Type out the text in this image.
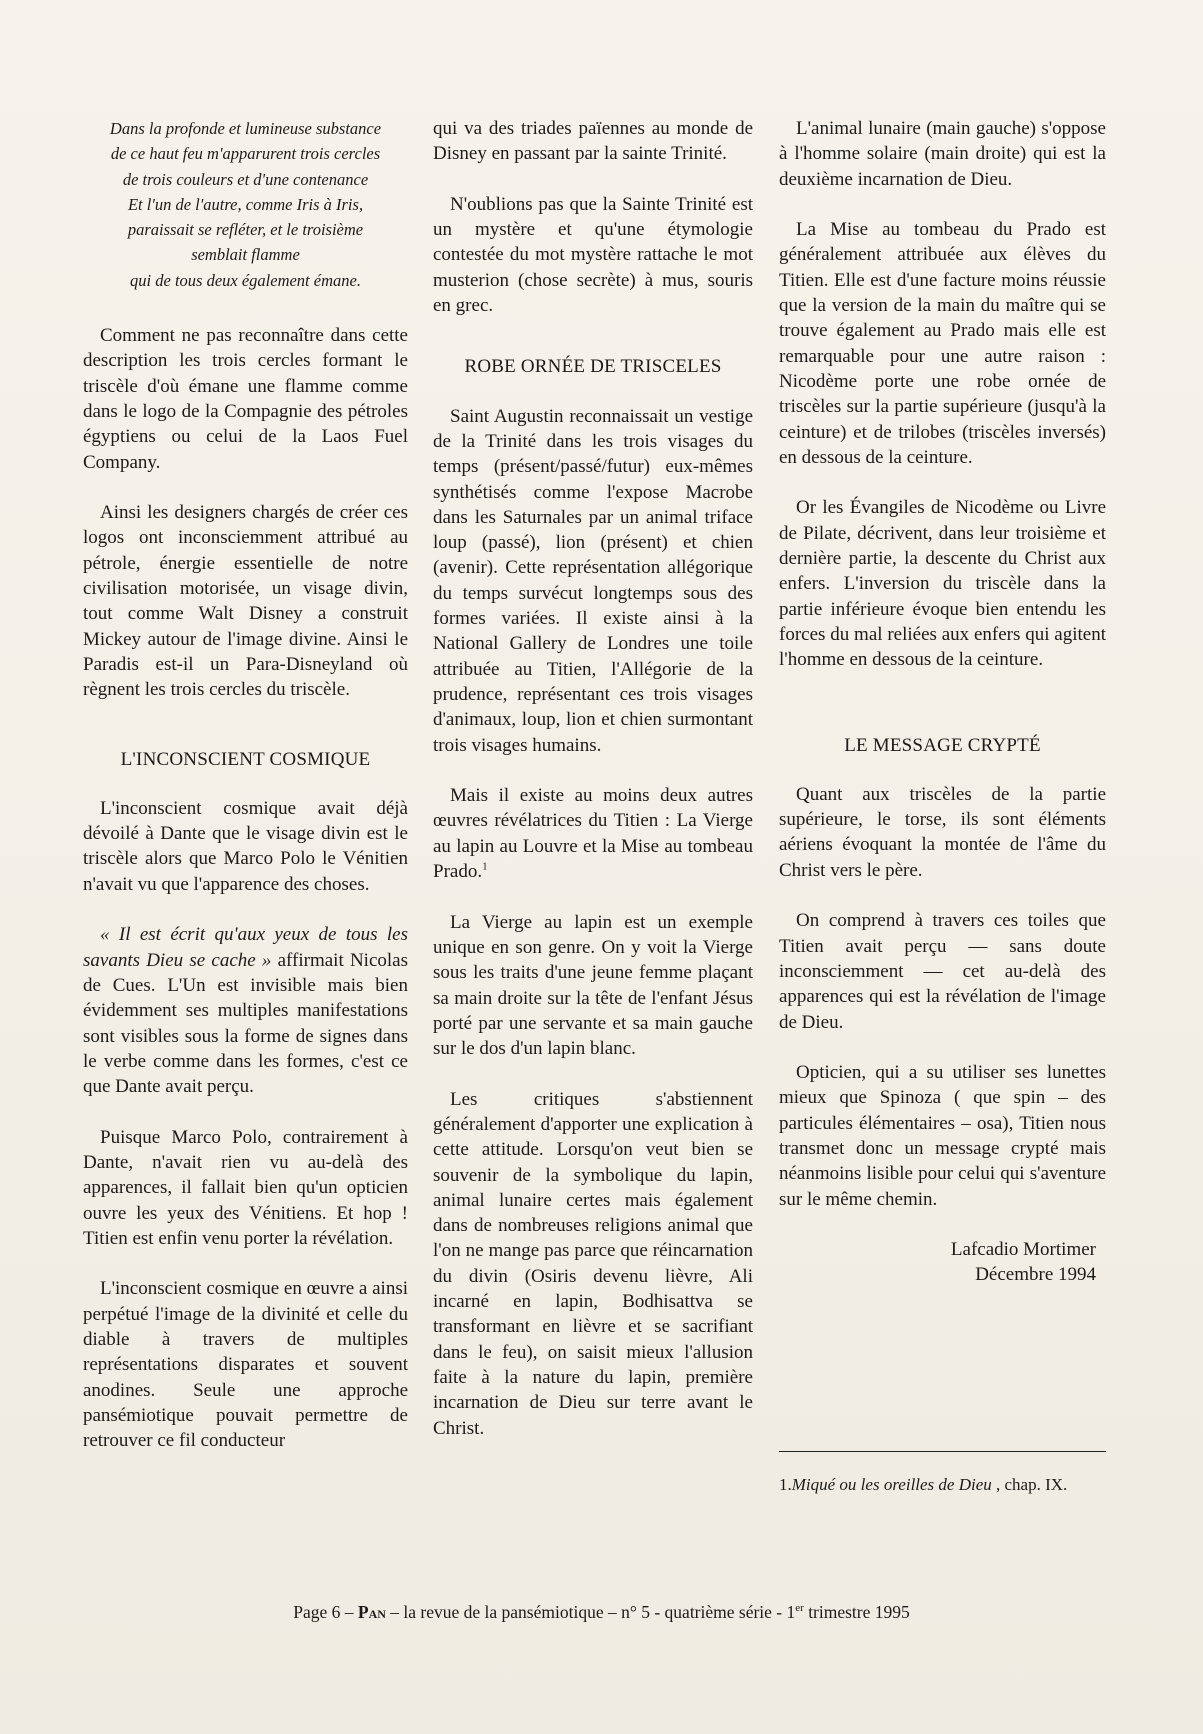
Dans la profonde et lumineuse substance
de ce haut feu m'apparurent trois cercles
de trois couleurs et d'une contenance
Et l'un de l'autre, comme Iris à Iris,
paraissait se refléter, et le troisième
semblait flamme
qui de tous deux également émane.

Comment ne pas reconnaître dans cette description les trois cercles formant le triscèle d'où émane une flamme comme dans le logo de la Compagnie des pétroles égyptiens ou celui de la Laos Fuel Company.

Ainsi les designers chargés de créer ces logos ont inconsciemment attribué au pétrole, énergie essentielle de notre civilisation motorisée, un visage divin, tout comme Walt Disney a construit Mickey autour de l'image divine. Ainsi le Paradis est-il un Para-Disneyland où règnent les trois cercles du triscèle.

L'INCONSCIENT COSMIQUE

L'inconscient cosmique avait déjà dévoilé à Dante que le visage divin est le triscèle alors que Marco Polo le Vénitien n'avait vu que l'apparence des choses.

« Il est écrit qu'aux yeux de tous les savants Dieu se cache » affirmait Nicolas de Cues. L'Un est invisible mais bien évidemment ses multiples manifestations sont visibles sous la forme de signes dans le verbe comme dans les formes, c'est ce que Dante avait perçu.

Puisque Marco Polo, contrairement à Dante, n'avait rien vu au-delà des apparences, il fallait bien qu'un opticien ouvre les yeux des Vénitiens. Et hop ! Titien est enfin venu porter la révélation.

L'inconscient cosmique en œuvre a ainsi perpétué l'image de la divinité et celle du diable à travers de multiples représentations disparates et souvent anodines. Seule une approche pansémiotique pouvait permettre de retrouver ce fil conducteur

qui va des triades païennes au monde de Disney en passant par la sainte Trinité.

N'oublions pas que la Sainte Trinité est un mystère et qu'une étymologie contestée du mot mystère rattache le mot musterion (chose secrète) à mus, souris en grec.

ROBE ORNÉE DE TRISCELES

Saint Augustin reconnaissait un vestige de la Trinité dans les trois visages du temps (présent/passé/futur) eux-mêmes synthétisés comme l'expose Macrobe dans les Saturnales par un animal triface loup (passé), lion (présent) et chien (avenir). Cette représentation allégorique du temps survécut longtemps sous des formes variées. Il existe ainsi à la National Gallery de Londres une toile attribuée au Titien, l'Allégorie de la prudence, représentant ces trois visages d'animaux, loup, lion et chien surmontant trois visages humains.

Mais il existe au moins deux autres œuvres révélatrices du Titien : La Vierge au lapin au Louvre et la Mise au tombeau Prado.$^1$

La Vierge au lapin est un exemple unique en son genre. On y voit la Vierge sous les traits d'une jeune femme plaçant sa main droite sur la tête de l'enfant Jésus porté par une servante et sa main gauche sur le dos d'un lapin blanc.

Les critiques s'abstiennent généralement d'apporter une explication à cette attitude. Lorsqu'on veut bien se souvenir de la symbolique du lapin, animal lunaire certes mais également dans de nombreuses religions animal que l'on ne mange pas parce que réincarnation du divin (Osiris devenu lièvre, Ali incarné en lapin, Bodhisattva se transformant en lièvre et se sacrifiant dans le feu), on saisit mieux l'allusion faite à la nature du lapin, première incarnation de Dieu sur terre avant le Christ.

L'animal lunaire (main gauche) s'oppose à l'homme solaire (main droite) qui est la deuxième incarnation de Dieu.

La Mise au tombeau du Prado est généralement attribuée aux élèves du Titien. Elle est d'une facture moins réussie que la version de la main du maître qui se trouve également au Prado mais elle est remarquable pour une autre raison : Nicodème porte une robe ornée de triscèles sur la partie supérieure (jusqu'à la ceinture) et de trilobes (triscèles inversés) en dessous de la ceinture.

Or les Évangiles de Nicodème ou Livre de Pilate, décrivent, dans leur troisième et dernière partie, la descente du Christ aux enfers. L'inversion du triscèle dans la partie inférieure évoque bien entendu les forces du mal reliées aux enfers qui agitent l'homme en dessous de la ceinture.

LE MESSAGE CRYPTÉ

Quant aux triscèles de la partie supérieure, le torse, ils sont éléments aériens évoquant la montée de l'âme du Christ vers le père.

On comprend à travers ces toiles que Titien avait perçu — sans doute inconsciemment — cet au-delà des apparences qui est la révélation de l'image de Dieu.

Opticien, qui a su utiliser ses lunettes mieux que Spinoza ( que spin – des particules élémentaires – osa), Titien nous transmet donc un message crypté mais néanmoins lisible pour celui qui s'aventure sur le même chemin.

Lafcadio Mortimer
Décembre 1994
1.Miqué ou les oreilles de Dieu , chap. IX.
Page 6 – Pan – la revue de la pansémiotique – n° 5 - quatrième série - 1er trimestre 1995
